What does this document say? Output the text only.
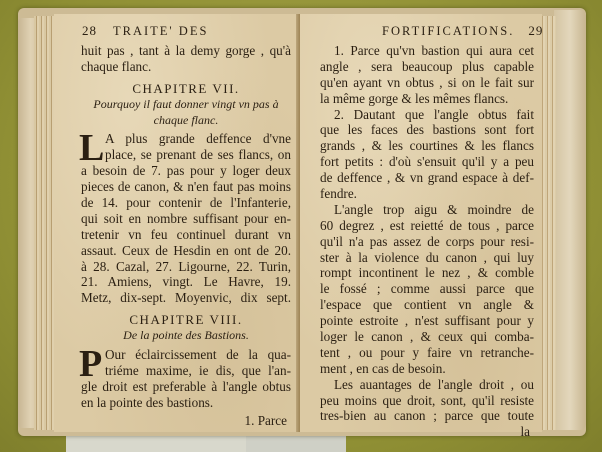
28 TRAITE' DES
huit pas , tant à la demy gorge , qu'à
chaque flanc.
CHAPITRE VII.
Pourquoy il faut donner vingt vn pas à
chaque flanc.
L A plus grande deffence d'vne
place, se prenant de ses flancs, on
a besoin de 7. pas pour y loger deux
pieces de canon, & n'en faut pas moins
de 14. pour contenir de l'Infanterie,
qui soit en nombre suffisant pour en-
tretenir vn feu continuel durant vn
assaut. Ceux de Hesdin en ont de 20.
à 28. Cazal, 27. Ligourne, 22. Turin,
21. Amiens, vingt. Le Havre, 19.
Metz, dix-sept. Moyenvic, dix sept.
CHAPITRE VIII.
De la pointe des Bastions.
P Our éclaircissement de la qua-
triéme maxime, ie dis, que l'an-
gle droit est preferable à l'angle obtus
en la pointe des bastions.
1. Parce
FORTIFICATIONS. 29
1. Parce qu'vn bastion qui aura cet
angle , sera beaucoup plus capable
qu'en ayant vn obtus , si on le fait sur
la même gorge & les mêmes flancs.
2. Dautant que l'angle obtus fait
que les faces des bastions sont fort
grands , & les courtines & les flancs
fort petits : d'où s'ensuit qu'il y a peu
de deffence , & vn grand espace à def-
fendre.
L'angle trop aigu & moindre de
60 degrez , est reietté de tous , parce
qu'il n'a pas assez de corps pour resi-
ster à la violence du canon , qui luy
rompt incontinent le nez , & comble
le fossé ; comme aussi parce que
l'espace que contient vn angle &
pointe estroite , n'est suffisant pour y
loger le canon , & ceux qui comba-
tent , ou pour y faire vn retranche-
ment , en cas de besoin.
Les auantages de l'angle droit , ou
peu moins que droit, sont, qu'il resiste
tres-bien au canon ; parce que toute
la
